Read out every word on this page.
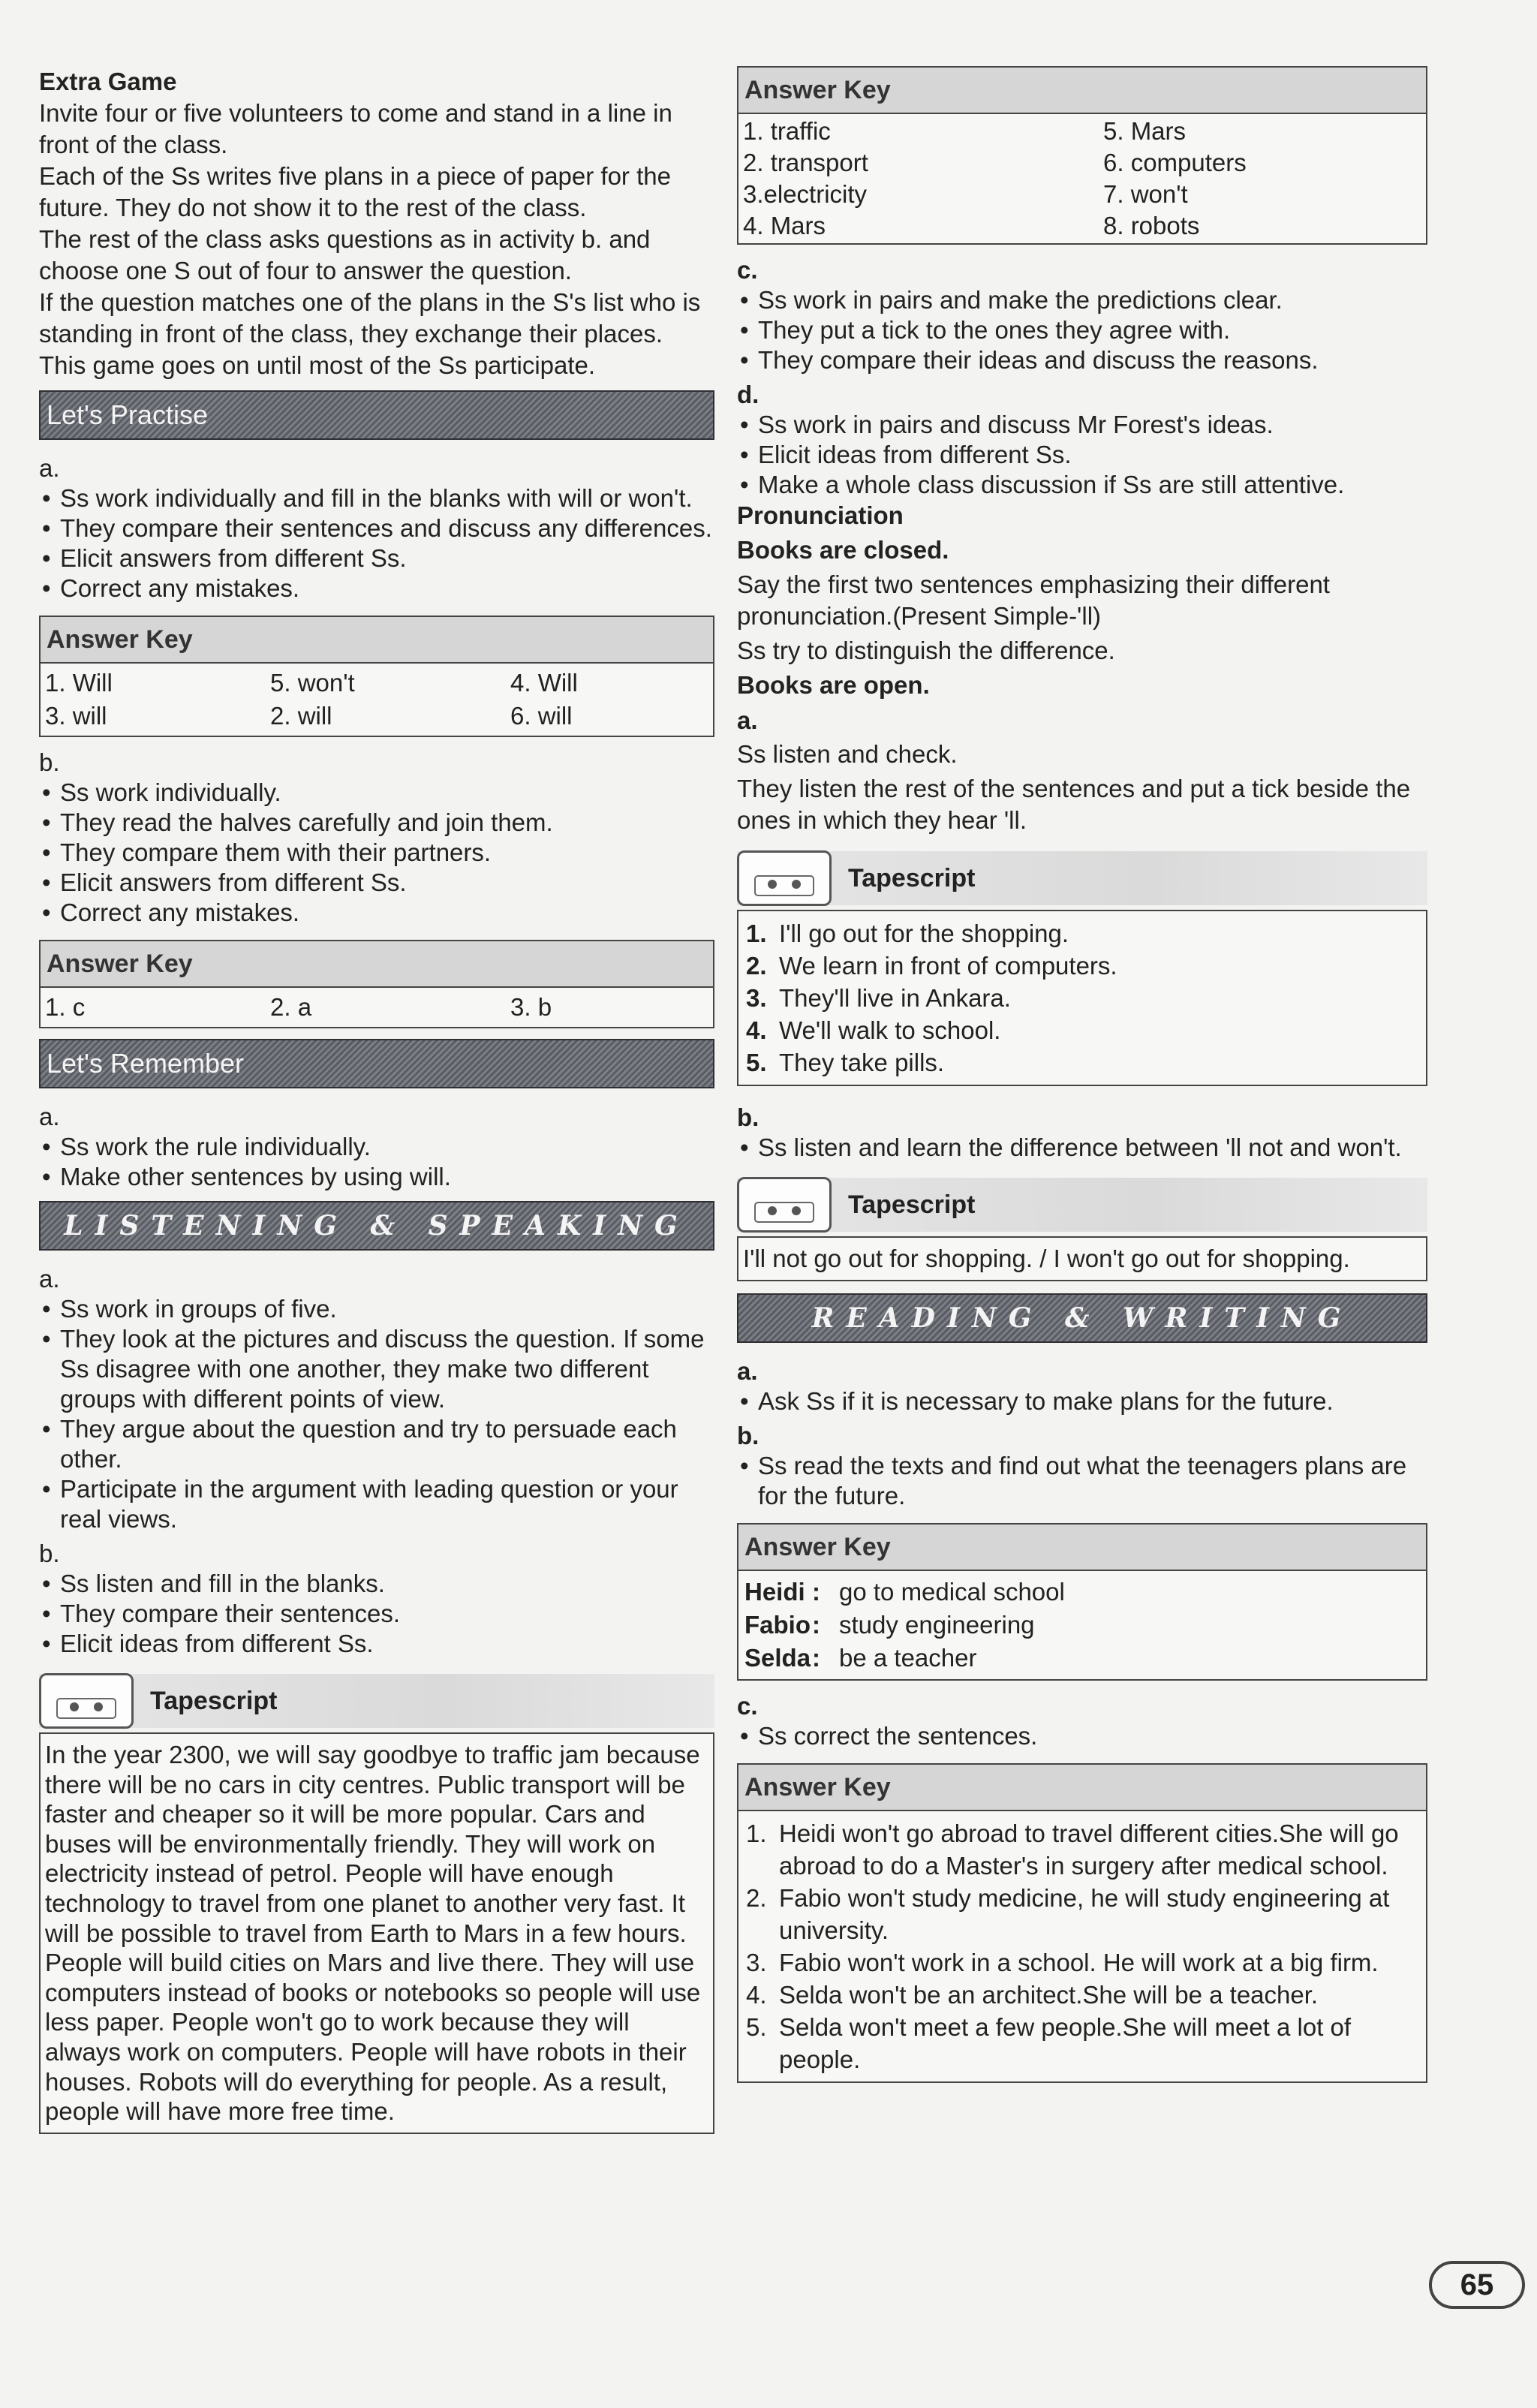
Extra Game

Invite four or five volunteers to come and stand in a line in front of the class.

Each of the Ss writes five plans in a piece of paper for the future. They do not show it to the rest of the class.

The rest of the class asks questions as in activity b. and choose one S out of four to answer the question.

If the question matches one of the plans in the S's list who is standing in front of the class, they exchange their places.

This game goes on until most of the Ss participate.

Let's Practise
a.
• Ss work individually and fill in the blanks with will or won't.
• They compare their sentences and discuss any differences.
• Elicit answers from different Ss.
• Correct any mistakes.
Answer Key
1. Will	5. won't	4. Will
3. will	2. will	6. will
b.
• Ss work individually.
• They read the halves carefully and join them.
• They compare them with their partners.
• Elicit answers from different Ss.
• Correct any mistakes.
Answer Key
1. c	2. a	3. b
Let's Remember
a.
• Ss work the rule individually.
• Make other sentences by using will.
LISTENING & SPEAKING
a.
• Ss work in groups of five.
• They look at the pictures and discuss the question. If some Ss disagree with one another, they make two different groups with different points of view.
• They argue about the question and try to persuade each other.
• Participate in the argument with leading question or your real views.
b.
• Ss listen and fill in the blanks.
• They compare their sentences.
• Elicit ideas from different Ss.
Tapescript
In the year 2300, we will say goodbye to traffic jam because there will be no cars in city centres. Public transport will be faster and cheaper so it will be more popular. Cars and buses will be environmentally friendly. They will work on electricity instead of petrol. People will have enough technology to travel from one planet to another very fast. It will be possible to travel from Earth to Mars in a few hours. People will build cities on Mars and live there. They will use computers instead of books or notebooks so people will use less paper. People won't go to work because they will always work on computers. People will have robots in their houses. Robots will do everything for people. As a result, people will have more free time.
Answer Key
1. traffic	5. Mars
2. transport	6. computers
3.electricity	7. won't
4. Mars	8. robots
c.
• Ss work in pairs and make the predictions clear.
• They put a tick to the ones they agree with.
• They compare their ideas and discuss the reasons.
d.
• Ss work in pairs and discuss Mr Forest's ideas.
• Elicit ideas from different Ss.
• Make a whole class discussion if Ss are still attentive.
Pronunciation
Books are closed.

Say the first two sentences emphasizing their different pronunciation.(Present Simple-'ll)

Ss try to distinguish the difference.

Books are open.
a.

Ss listen and check.

They listen the rest of the sentences and put a tick beside the ones in which they hear 'll.

Tapescript
1. I'll go out for the shopping.
2. We learn in front of computers.
3. They'll live in Ankara.
4. We'll walk to school.
5. They take pills.
b.
• Ss listen and learn the difference between 'll not and won't.
Tapescript
I'll not go out for shopping. / I won't go out for shopping.
READING & WRITING
a.
• Ask Ss if it is necessary to make plans for the future.
b.
• Ss read the texts and find out what the teenagers plans are for the future.
Answer Key
Heidi : go to medical school
Fabio: study engineering
Selda: be a teacher
c.
• Ss correct the sentences.
Answer Key
1. Heidi won't go abroad to travel different cities.She will go abroad to do a Master's in surgery after medical school.
2. Fabio won't study medicine, he will study engineering at university.
3. Fabio won't work in a school. He will work at a big firm.
4. Selda won't be an architect.She will be a teacher.
5. Selda won't meet a few people.She will meet a lot of people.
65
